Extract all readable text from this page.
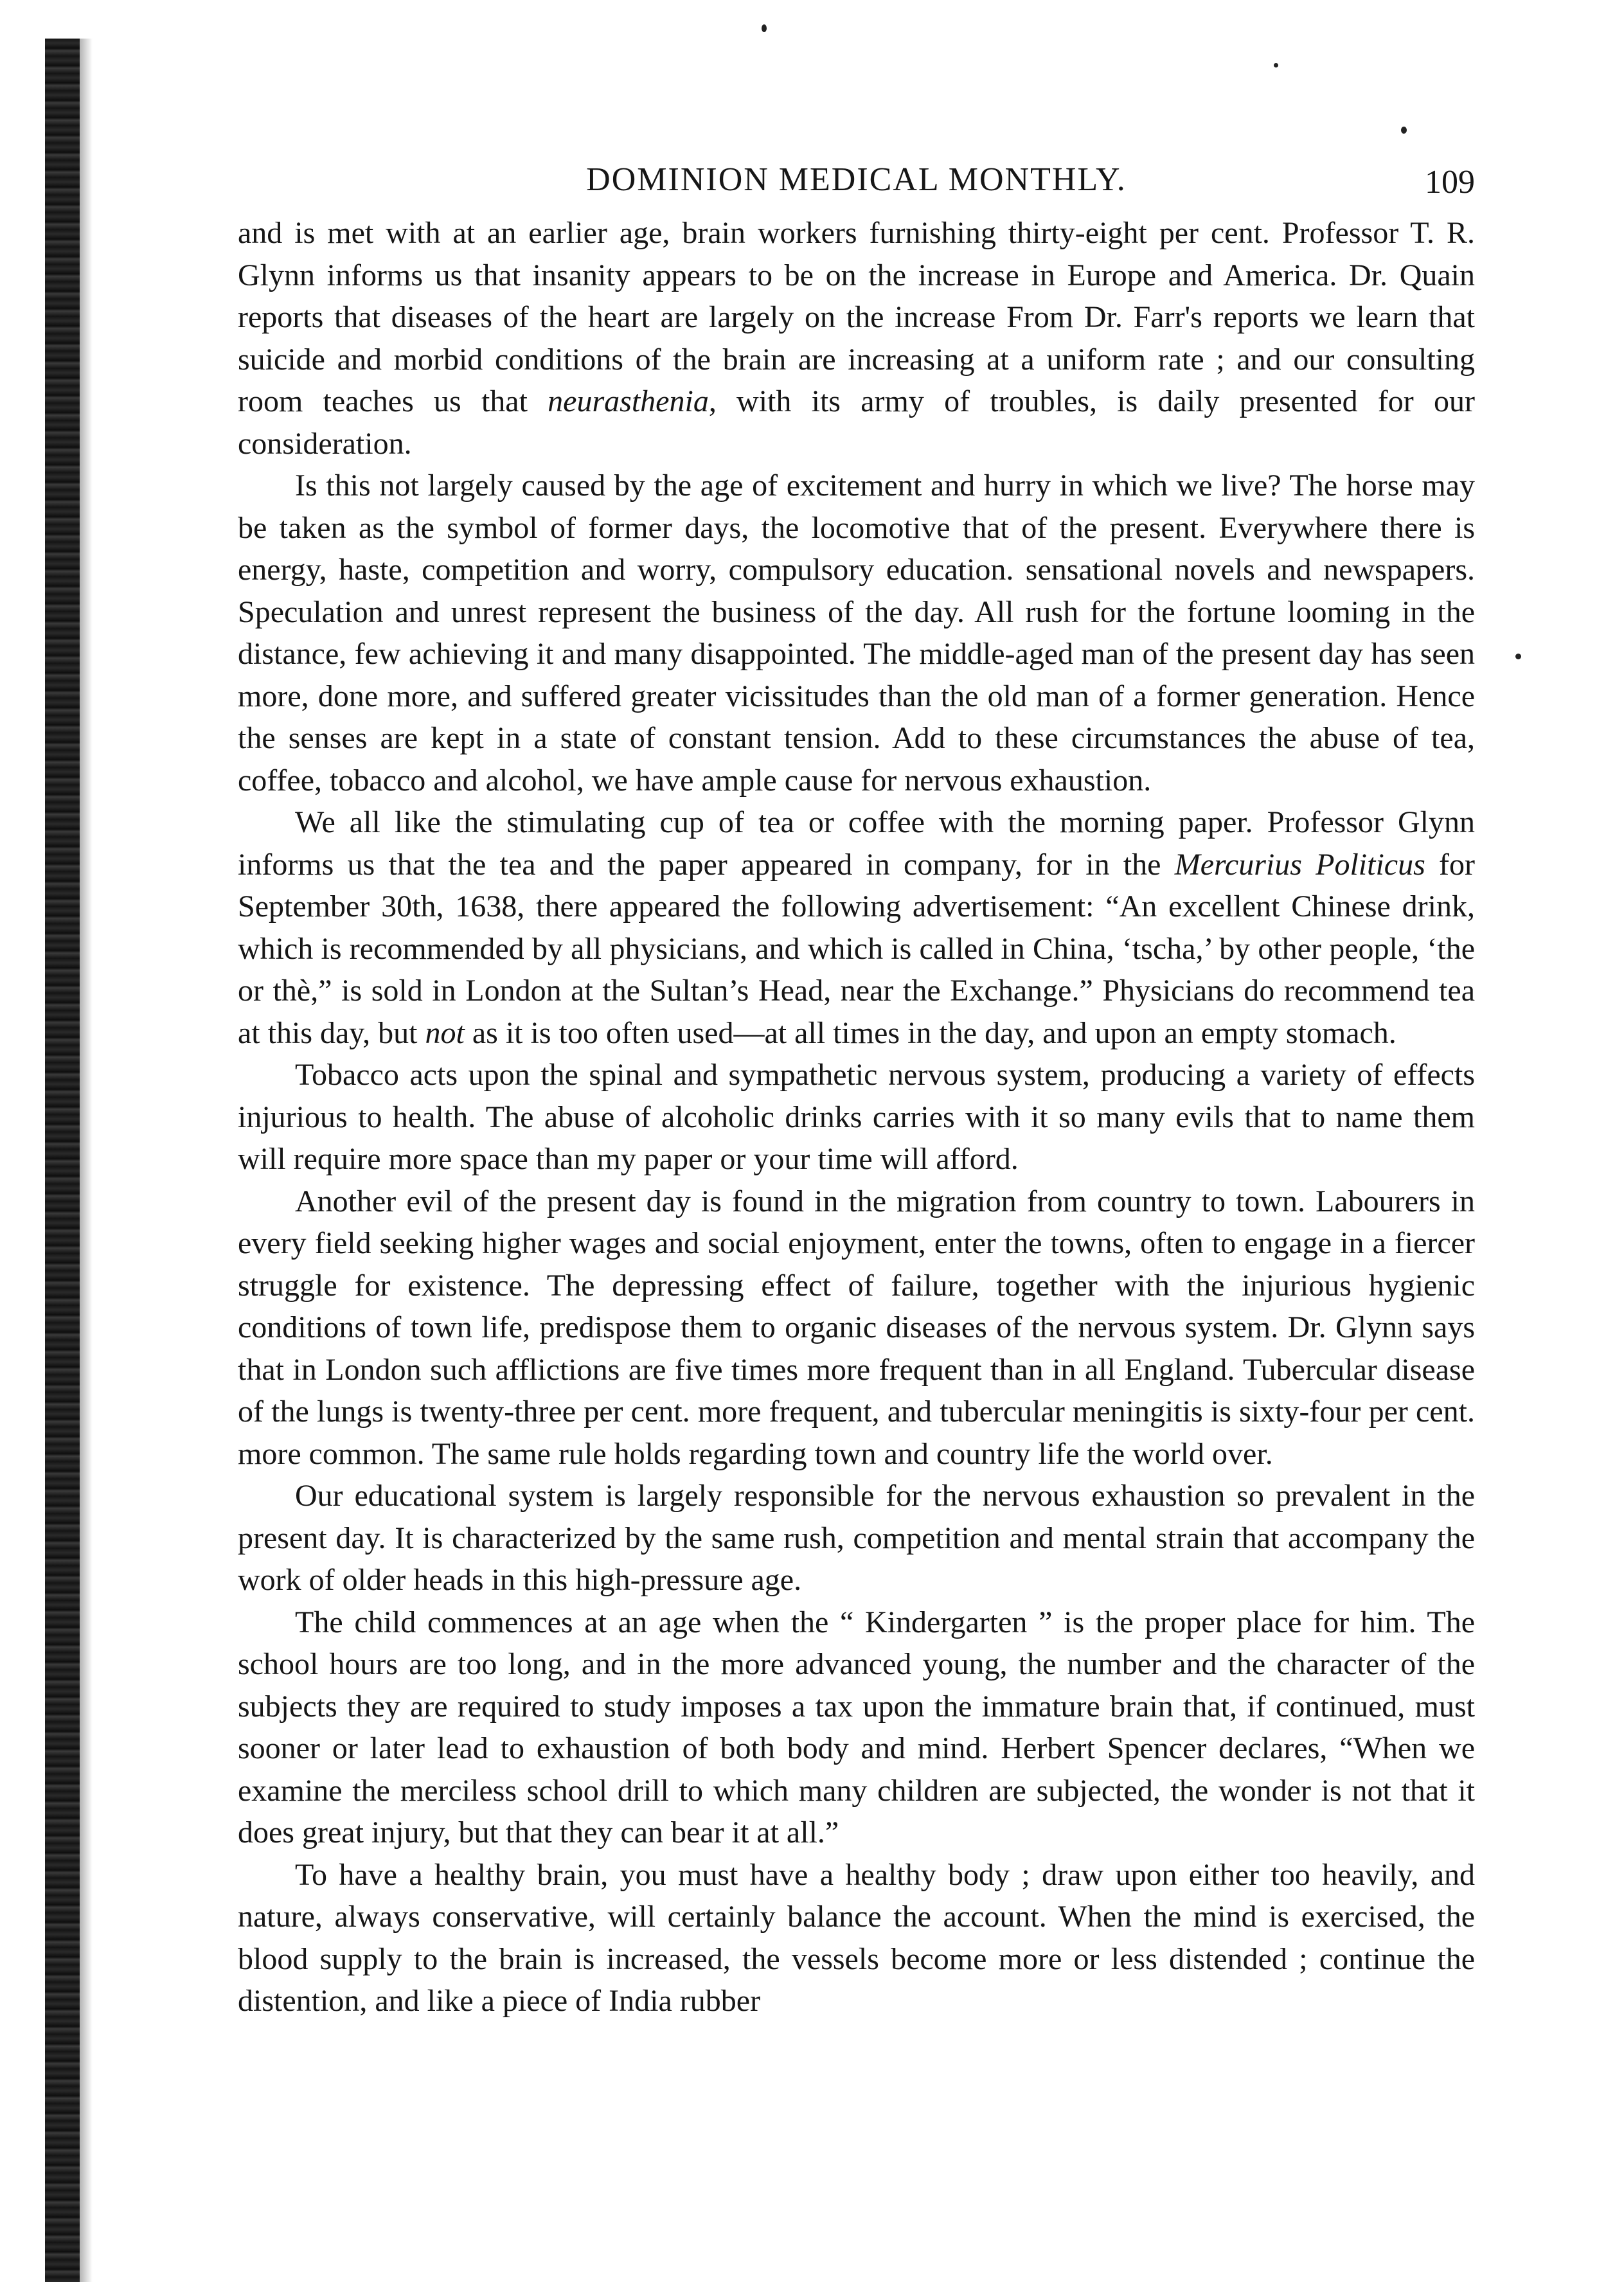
DOMINION MEDICAL MONTHLY.	109

and is met with at an earlier age, brain workers furnishing thirty-eight per cent. Professor T. R. Glynn informs us that insanity appears to be on the increase in Europe and America. Dr. Quain reports that diseases of the heart are largely on the increase From Dr. Farr's reports we learn that suicide and morbid conditions of the brain are increasing at a uniform rate ; and our consulting room teaches us that neurasthenia, with its army of troubles, is daily presented for our consideration.

Is this not largely caused by the age of excitement and hurry in which we live? The horse may be taken as the symbol of former days, the locomotive that of the present. Everywhere there is energy, haste, competition and worry, compulsory education. sensational novels and newspapers. Speculation and unrest represent the business of the day. All rush for the fortune looming in the distance, few achieving it and many disappointed. The middle-aged man of the present day has seen more, done more, and suffered greater vicissitudes than the old man of a former generation. Hence the senses are kept in a state of constant tension. Add to these circumstances the abuse of tea, coffee, tobacco and alcohol, we have ample cause for nervous exhaustion.

We all like the stimulating cup of tea or coffee with the morning paper. Professor Glynn informs us that the tea and the paper appeared in company, for in the Mercurius Politicus for September 30th, 1638, there appeared the following advertisement: “An excellent Chinese drink, which is recommended by all physicians, and which is called in China, ‘tscha,’ by other people, ‘the or thè,” is sold in London at the Sultan’s Head, near the Exchange.” Physicians do recommend tea at this day, but not as it is too often used—at all times in the day, and upon an empty stomach.

Tobacco acts upon the spinal and sympathetic nervous system, producing a variety of effects injurious to health. The abuse of alcoholic drinks carries with it so many evils that to name them will require more space than my paper or your time will afford.

Another evil of the present day is found in the migration from country to town. Labourers in every field seeking higher wages and social enjoyment, enter the towns, often to engage in a fiercer struggle for existence. The depressing effect of failure, together with the injurious hygienic conditions of town life, predispose them to organic diseases of the nervous system. Dr. Glynn says that in London such afflictions are five times more frequent than in all England. Tubercular disease of the lungs is twenty-three per cent. more frequent, and tubercular meningitis is sixty-four per cent. more common. The same rule holds regarding town and country life the world over.

Our educational system is largely responsible for the nervous exhaustion so prevalent in the present day. It is characterized by the same rush, competition and mental strain that accompany the work of older heads in this high-pressure age.

The child commences at an age when the “ Kindergarten ” is the proper place for him. The school hours are too long, and in the more advanced young, the number and the character of the subjects they are required to study imposes a tax upon the immature brain that, if continued, must sooner or later lead to exhaustion of both body and mind. Herbert Spencer declares, “When we examine the merciless school drill to which many children are subjected, the wonder is not that it does great injury, but that they can bear it at all.”

To have a healthy brain, you must have a healthy body ; draw upon either too heavily, and nature, always conservative, will certainly balance the account. When the mind is exercised, the blood supply to the brain is increased, the vessels become more or less distended ; continue the distention, and like a piece of India rubber
